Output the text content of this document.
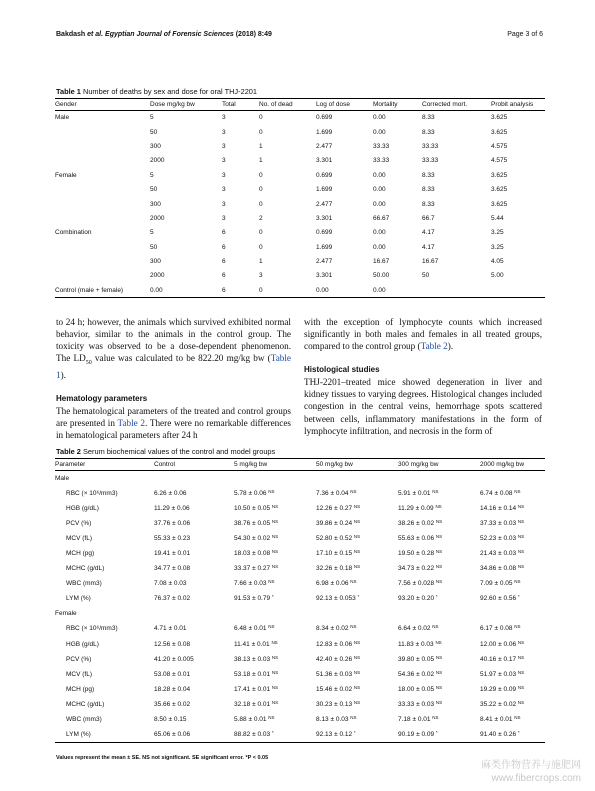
Bakdash et al. Egyptian Journal of Forensic Sciences (2018) 8:49	Page 3 of 6
Table 1 Number of deaths by sex and dose for oral THJ-2201
Gender	Dose mg/kg bw	Total	No. of dead	Log of dose	Mortality	Corrected mort.	Probit analysis
Male	5	3	0	0.699	0.00	8.33	3.625
	50	3	0	1.699	0.00	8.33	3.625
	300	3	1	2.477	33.33	33.33	4.575
	2000	3	1	3.301	33.33	33.33	4.575
Female	5	3	0	0.699	0.00	8.33	3.625
	50	3	0	1.699	0.00	8.33	3.625
	300	3	0	2.477	0.00	8.33	3.625
	2000	3	2	3.301	66.67	66.7	5.44
Combination	5	6	0	0.699	0.00	4.17	3.25
	50	6	0	1.699	0.00	4.17	3.25
	300	6	1	2.477	16.67	16.67	4.05
	2000	6	3	3.301	50.00	50	5.00
Control (male + female)	0.00	6	0	0.00	0.00		

to 24 h; however, the animals which survived exhibited normal behavior, similar to the animals in the control group. The toxicity was observed to be a dose-dependent phenomenon. The $LD_{50}$ value was calculated to be 822.20 mg/kg bw (Table 1).

Hematology parameters

The hematological parameters of the treated and control groups are presented in Table 2. There were no remarkable differences in hematological parameters after 24 h

with the exception of lymphocyte counts which increased significantly in both males and females in all treated groups, compared to the control group (Table 2).

Histological studies

THJ-2201–treated mice showed degeneration in liver and kidney tissues to varying degrees. Histological changes included congestion in the central veins, hemorrhage spots scattered between cells, inflammatory manifestations in the form of lymphocyte infiltration, and necrosis in the form of

Table 2 Serum biochemical values of the control and model groups
Parameter	Control	5 mg/kg bw	50 mg/kg bw	300 mg/kg bw	2000 mg/kg bw
Male					
RBC (× 10⁶/mm3)	6.26 ± 0.06	5.78 ± 0.06 $^{NS}$	7.36 ± 0.04 $^{NS}$	5.91 ± 0.01 $^{NS}$	6.74 ± 0.08 $^{NS}$
HGB (g/dL)	11.29 ± 0.06	10.50 ± 0.05 $^{NS}$	12.26 ± 0.27 $^{NS}$	11.29 ± 0.09 $^{NS}$	14.16 ± 0.14 $^{NS}$
PCV (%)	37.76 ± 0.06	38.76 ± 0.05 $^{NS}$	39.86 ± 0.24 $^{NS}$	38.26 ± 0.02 $^{NS}$	37.33 ± 0.03 $^{NS}$
MCV (fL)	55.33 ± 0.23	54.30 ± 0.02 $^{NS}$	52.80 ± 0.52 $^{NS}$	55.63 ± 0.06 $^{NS}$	52.23 ± 0.03 $^{NS}$
MCH (pg)	19.41 ± 0.01	18.03 ± 0.08 $^{NS}$	17.10 ± 0.15 $^{NS}$	19.50 ± 0.28 $^{NS}$	21.43 ± 0.03 $^{NS}$
MCHC (g/dL)	34.77 ± 0.08	33.37 ± 0.27 $^{NS}$	32.26 ± 0.18 $^{NS}$	34.73 ± 0.22 $^{NS}$	34.86 ± 0.08 $^{NS}$
WBC (mm3)	7.08 ± 0.03	7.66 ± 0.03 $^{NS}$	6.98 ± 0.06 $^{NS}$	7.56 ± 0.028 $^{NS}$	7.09 ± 0.05 $^{NS}$
LYM (%)	76.37 ± 0.02	91.53 ± 0.79 *	92.13 ± 0.053 *	93.20 ± 0.20 *	92.60 ± 0.56 *
Female					
RBC (× 10⁶/mm3)	4.71 ± 0.01	6.48 ± 0.01 $^{NS}$	8.34 ± 0.02 $^{NS}$	6.64 ± 0.02 $^{NS}$	6.17 ± 0.08 $^{NS}$
HGB (g/dL)	12.56 ± 0.08	11.41 ± 0.01 $^{NS}$	12.83 ± 0.06 $^{NS}$	11.83 ± 0.03 $^{NS}$	12.00 ± 0.06 $^{NS}$
PCV (%)	41.20 ± 0.005	38.13 ± 0.03 $^{NS}$	42.40 ± 0.26 $^{NS}$	39.80 ± 0.05 $^{NS}$	40.16 ± 0.17 $^{NS}$
MCV (fL)	53.08 ± 0.01	53.18 ± 0.01 $^{NS}$	51.36 ± 0.03 $^{NS}$	54.36 ± 0.02 $^{NS}$	51.97 ± 0.03 $^{NS}$
MCH (pg)	18.28 ± 0.04	17.41 ± 0.01 $^{NS}$	15.46 ± 0.02 $^{NS}$	18.00 ± 0.05 $^{NS}$	19.29 ± 0.09 $^{NS}$
MCHC (g/dL)	35.66 ± 0.02	32.18 ± 0.01 $^{NS}$	30.23 ± 0.13 $^{NS}$	33.33 ± 0.03 $^{NS}$	35.22 ± 0.02 $^{NS}$
WBC (mm3)	8.50 ± 0.15	5.88 ± 0.01 $^{NS}$	8.13 ± 0.03 $^{NS}$	7.18 ± 0.01 $^{NS}$	8.41 ± 0.01 $^{NS}$
LYM (%)	65.06 ± 0.06	88.82 ± 0.03 *	92.13 ± 0.12 *	90.19 ± 0.09 *	91.40 ± 0.26 *
Values represent the mean ± SE. NS not significant. SE significant error. *P < 0.05
麻类作物营养与施肥网
www.fibercrops.com
